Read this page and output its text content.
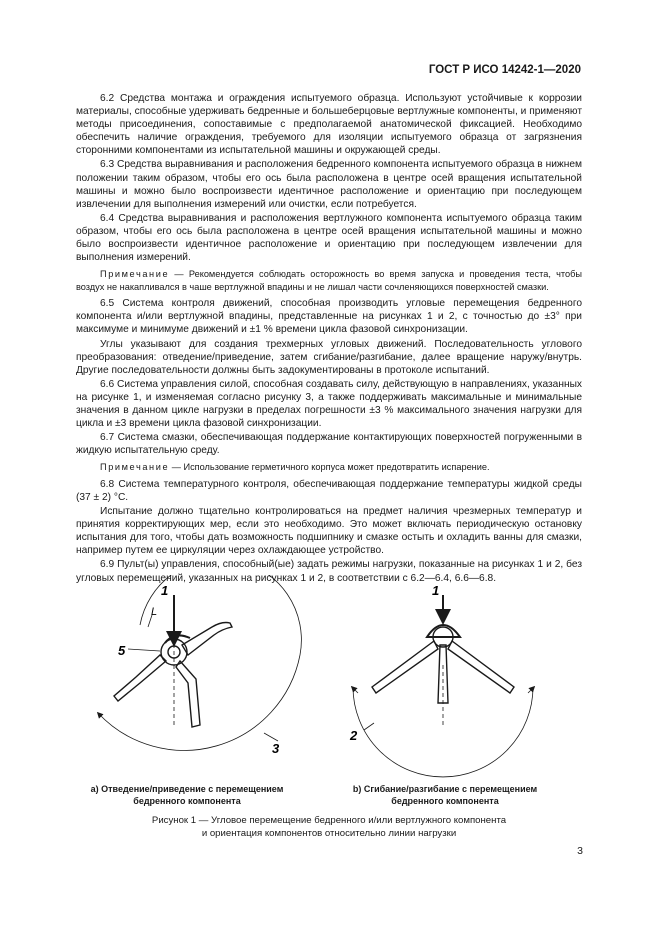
ГОСТ Р ИСО 14242-1—2020

6.2 Средства монтажа и ограждения испытуемого образца. Используют устойчивые к коррозии материалы, способные удерживать бедренные и большеберцовые вертлужные компоненты, и применяют методы присоединения, сопоставимые с предполагаемой анатомической фиксацией. Необходимо обеспечить наличие ограждения, требуемого для изоляции испытуемого образца от загрязнения сторонними компонентами из испытательной машины и окружающей среды.

6.3 Средства выравнивания и расположения бедренного компонента испытуемого образца в нижнем положении таким образом, чтобы его ось была расположена в центре осей вращения испытательной машины и можно было воспроизвести идентичное расположение и ориентацию при последующем извлечении для выполнения измерений или очистки, если потребуется.

6.4 Средства выравнивания и расположения вертлужного компонента испытуемого образца таким образом, чтобы его ось была расположена в центре осей вращения испытательной машины и можно было воспроизвести идентичное расположение и ориентацию при последующем извлечении для выполнения измерений.

Примечание — Рекомендуется соблюдать осторожность во время запуска и проведения теста, чтобы воздух не накапливался в чаше вертлужной впадины и не лишал части сочленяющихся поверхностей смазки.

6.5 Система контроля движений, способная производить угловые перемещения бедренного компонента и/или вертлужной впадины, представленные на рисунках 1 и 2, с точностью до ±3° при максимуме и минимуме движений и ±1 % времени цикла фазовой синхронизации.

Углы указывают для создания трехмерных угловых движений. Последовательность углового преобразования: отведение/приведение, затем сгибание/разгибание, далее вращение наружу/внутрь. Другие последовательности должны быть задокументированы в протоколе испытаний.

6.6 Система управления силой, способная создавать силу, действующую в направлениях, указанных на рисунке 1, и изменяемая согласно рисунку 3, а также поддерживать максимальные и минимальные значения в данном цикле нагрузки в пределах погрешности ±3 % максимального значения нагрузки для цикла и ±3 времени цикла фазовой синхронизации.

6.7 Система смазки, обеспечивающая поддержание контактирующих поверхностей погруженными в жидкую испытательную среду.

Примечание — Использование герметичного корпуса может предотвратить испарение.

6.8 Система температурного контроля, обеспечивающая поддержание температуры жидкой среды (37 ± 2) °С.

Испытание должно тщательно контролироваться на предмет наличия чрезмерных температур и принятия корректирующих мер, если это необходимо. Это может включать периодическую остановку испытания для того, чтобы дать возможность подшипнику и смазке остыть и охладить ванны для смазки, например путем ее циркуляции через охлаждающее устройство.

6.9 Пульт(ы) управления, способный(ые) задать режимы нагрузки, показанные на рисунках 1 и 2, без угловых перемещений, указанных на рисунках 1 и 2, в соответствии с 6.2—6.4, 6.6—6.8.

1
L
5
3
1
2
а) Отведение/приведение с перемещением
бедренного компонента
b) Сгибание/разгибание с перемещением
бедренного компонента
Рисунок 1 — Угловое перемещение бедренного и/или вертлужного компонента
и ориентация компонентов относительно линии нагрузки
3
